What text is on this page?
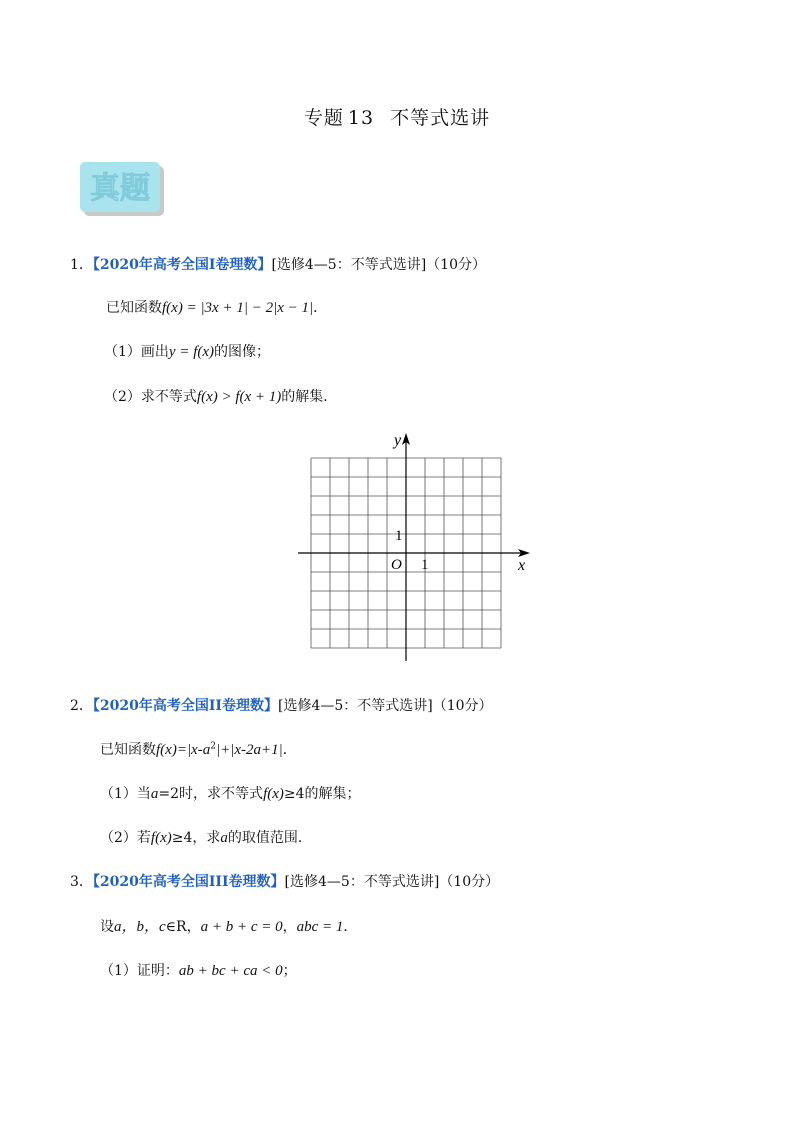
专题 13 不等式选讲
真题
1．【2020年高考全国Ⅰ卷理数】[选修4—5：不等式选讲]（10分）
已知函数f(x) = |3x + 1| − 2|x − 1|．
（1）画出y = f(x)的图像；
（2）求不等式f(x) > f(x + 1)的解集．
y
x
O 1
1
2．【2020年高考全国II卷理数】[选修4—5：不等式选讲]（10分）
已知函数$f(x)=|x-a^2|+|x-2a+1|$．
（1）当a=2时，求不等式f(x)≥4的解集；
（2）若f(x)≥4，求a的取值范围．
3．【2020年高考全国III卷理数】[选修4—5：不等式选讲]（10分）
设a，b，c∈R，a + b + c = 0，abc = 1．
（1）证明：ab + bc + ca < 0；
